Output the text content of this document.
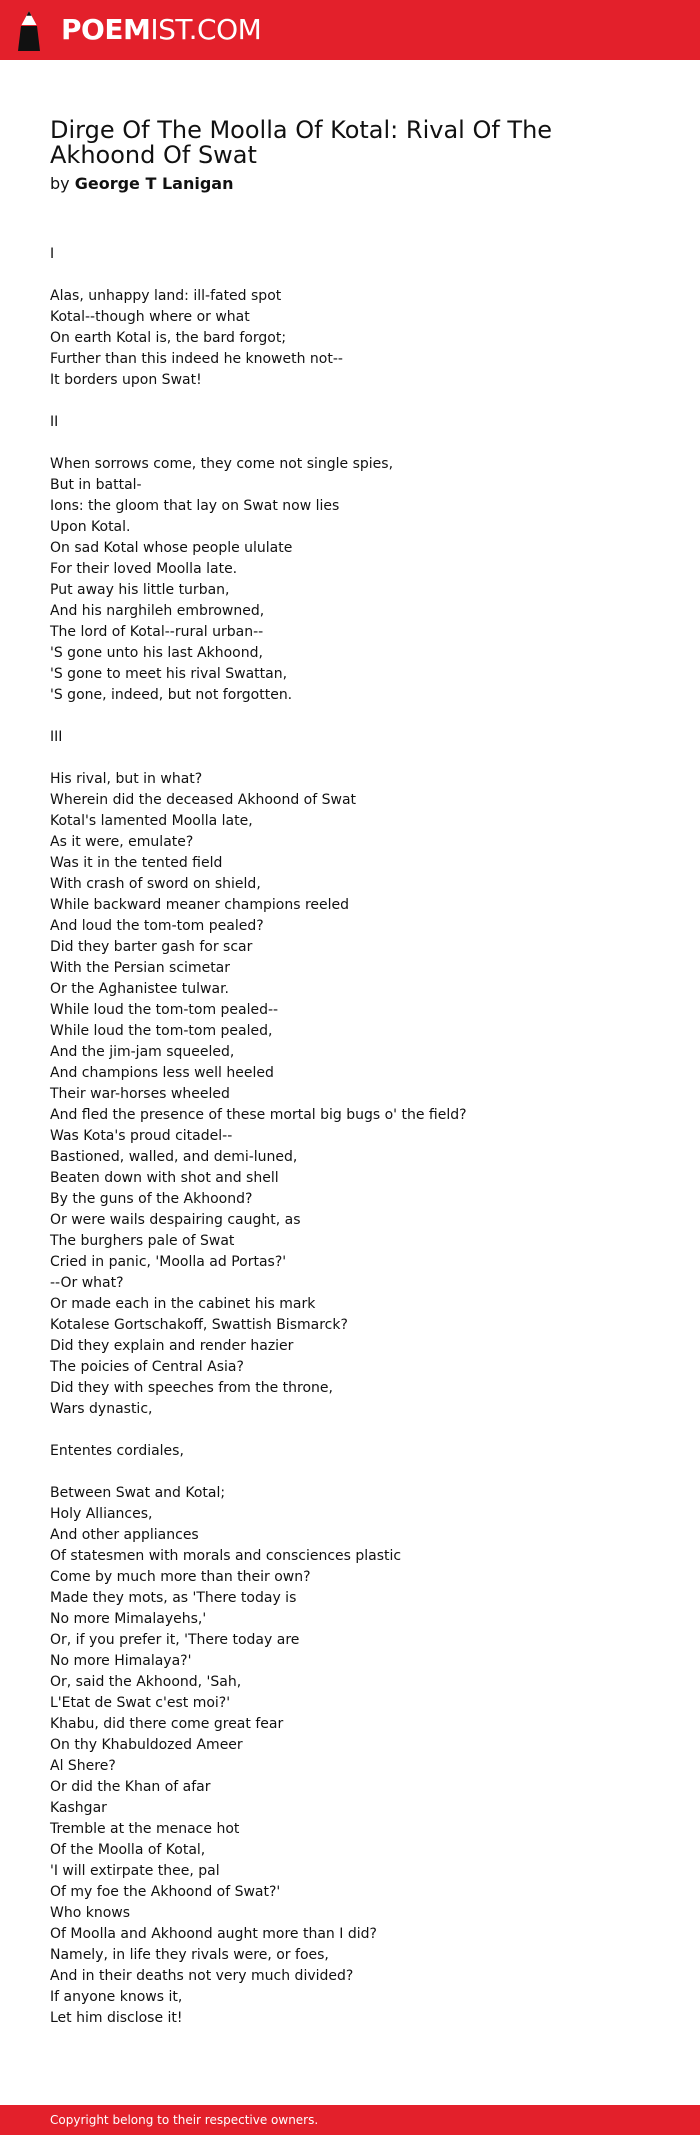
POEMIST.COM
Dirge Of The Moolla Of Kotal: Rival Of The Akhoond Of Swat
by George T Lanigan
I

Alas, unhappy land: ill-fated spot
Kotal--though where or what
On earth Kotal is, the bard forgot;
Further than this indeed he knoweth not--
It borders upon Swat!

II

When sorrows come, they come not single spies,
But in battal-
Ions: the gloom that lay on Swat now lies
Upon Kotal.
On sad Kotal whose people ululate
For their loved Moolla late.
Put away his little turban,
And his narghileh embrowned,
The lord of Kotal--rural urban--
'S gone unto his last Akhoond,
'S gone to meet his rival Swattan,
'S gone, indeed, but not forgotten.

III

His rival, but in what?
Wherein did the deceased Akhoond of Swat
Kotal's lamented Moolla late,
As it were, emulate?
Was it in the tented field
With crash of sword on shield,
While backward meaner champions reeled
And loud the tom-tom pealed?
Did they barter gash for scar
With the Persian scimetar
Or the Aghanistee tulwar.
While loud the tom-tom pealed--
While loud the tom-tom pealed,
And the jim-jam squeeled,
And champions less well heeled
Their war-horses wheeled
And fled the presence of these mortal big bugs o' the field?
Was Kota's proud citadel--
Bastioned, walled, and demi-luned,
Beaten down with shot and shell
By the guns of the Akhoond?
Or were wails despairing caught, as
The burghers pale of Swat
Cried in panic, 'Moolla ad Portas?'
--Or what?
Or made each in the cabinet his mark
Kotalese Gortschakoff, Swattish Bismarck?
Did they explain and render hazier
The poicies of Central Asia?
Did they with speeches from the throne,
Wars dynastic,

Ententes cordiales,

Between Swat and Kotal;
Holy Alliances,
And other appliances
Of statesmen with morals and consciences plastic
Come by much more than their own?
Made they mots, as 'There today is
No more Mimalayehs,'
Or, if you prefer it, 'There today are
No more Himalaya?'
Or, said the Akhoond, 'Sah,
L'Etat de Swat c'est moi?'
Khabu, did there come great fear
On thy Khabuldozed Ameer
Al Shere?
Or did the Khan of afar
Kashgar
Tremble at the menace hot
Of the Moolla of Kotal,
'I will extirpate thee, pal
Of my foe the Akhoond of Swat?'
Who knows
Of Moolla and Akhoond aught more than I did?
Namely, in life they rivals were, or foes,
And in their deaths not very much divided?
If anyone knows it,
Let him disclose it!
Copyright belong to their respective owners.
